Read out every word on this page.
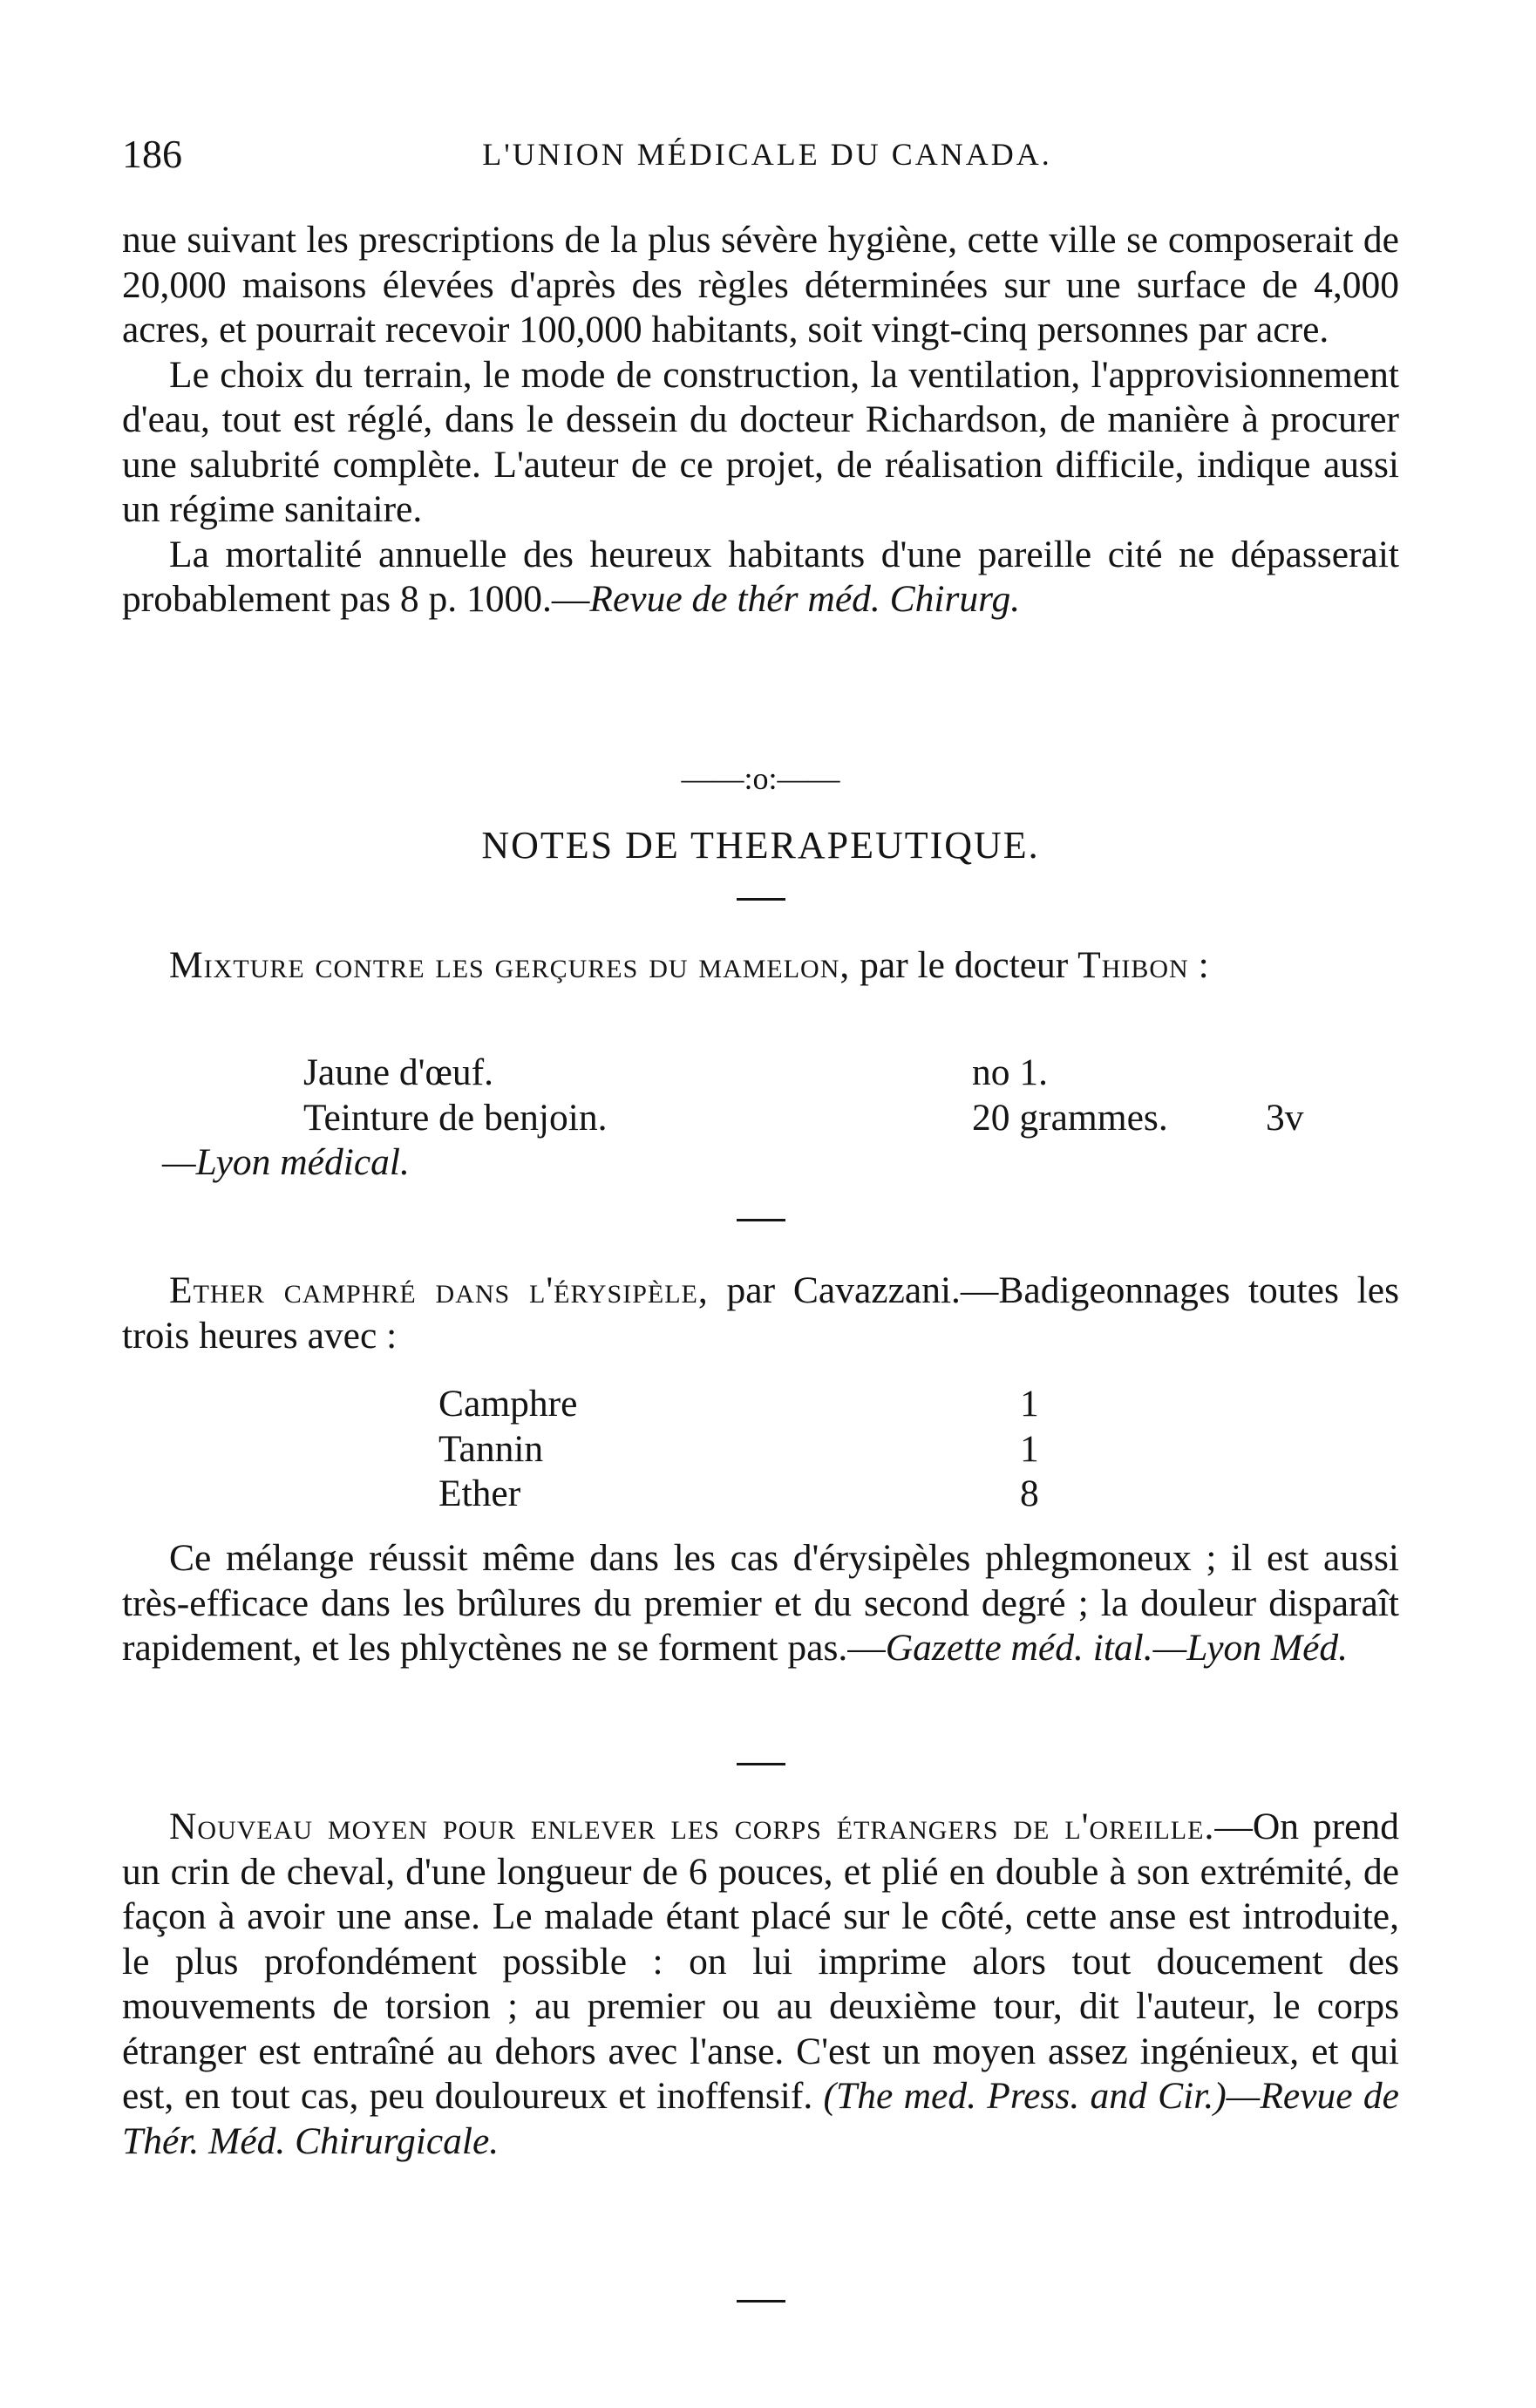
186	L'UNION MÉDICALE DU CANADA.

nue suivant les prescriptions de la plus sévère hygiène, cette ville se composerait de 20,000 maisons élevées d'après des règles déterminées sur une surface de 4,000 acres, et pourrait recevoir 100,000 habitants, soit vingt-cinq personnes par acre.

Le choix du terrain, le mode de construction, la ventilation, l'approvisionnement d'eau, tout est réglé, dans le dessein du docteur Richardson, de manière à procurer une salubrité complète. L'auteur de ce projet, de réalisation difficile, indique aussi un régime sanitaire.

La mortalité annuelle des heureux habitants d'une pareille cité ne dépasserait probablement pas 8 p. 1000.—Revue de thér méd. Chirurg.

——:o:——
NOTES DE THERAPEUTIQUE.

Mixture contre les gerçures du mamelon, par le docteur Thibon :

Jaune d'œuf.	no 1.
Teinture de benjoin.	20 grammes.	3v
—Lyon médical.

Ether camphré dans l'érysipèle, par Cavazzani.—Badigeonnages toutes les trois heures avec :

Camphre	1
Tannin	1
Ether	8

Ce mélange réussit même dans les cas d'érysipèles phlegmoneux ; il est aussi très-efficace dans les brûlures du premier et du second degré ; la douleur disparaît rapidement, et les phlyctènes ne se forment pas.—Gazette méd. ital.—Lyon Méd.

Nouveau moyen pour enlever les corps étrangers de l'oreille.—On prend un crin de cheval, d'une longueur de 6 pouces, et plié en double à son extrémité, de façon à avoir une anse. Le malade étant placé sur le côté, cette anse est introduite, le plus profondément possible : on lui imprime alors tout doucement des mouvements de torsion ; au premier ou au deuxième tour, dit l'auteur, le corps étranger est entraîné au dehors avec l'anse. C'est un moyen assez ingénieux, et qui est, en tout cas, peu douloureux et inoffensif. (The med. Press. and Cir.)—Revue de Thér. Méd. Chirurgicale.
